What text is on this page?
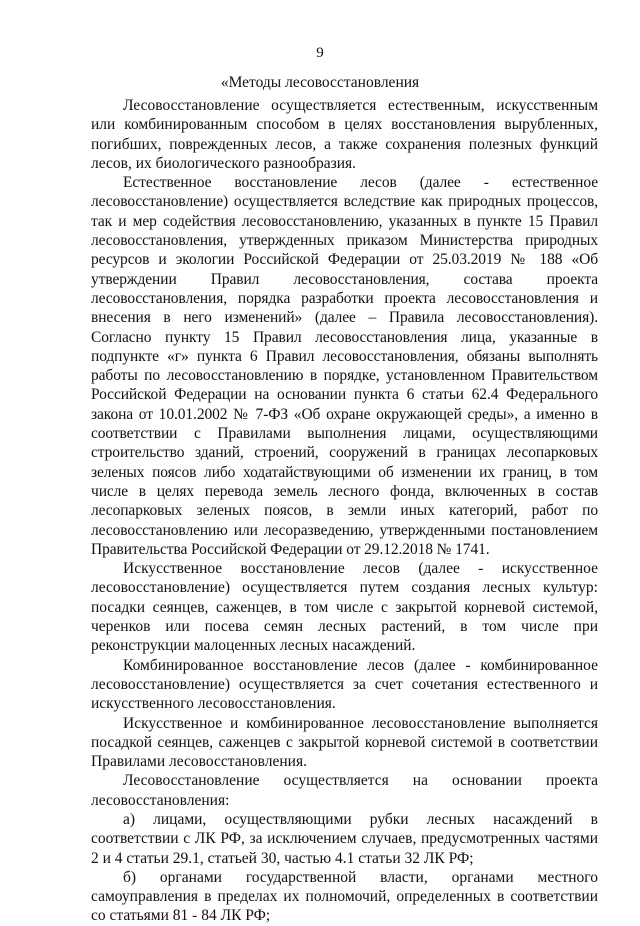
9
«Методы лесовосстановления

Лесовосстановление осуществляется естественным, искусственным или комбинированным способом в целях восстановления вырубленных, погибших, поврежденных лесов, а также сохранения полезных функций лесов, их биологического разнообразия.

Естественное восстановление лесов (далее - естественное лесовосстановление) осуществляется вследствие как природных процессов, так и мер содействия лесовосстановлению, указанных в пункте 15 Правил лесовосстановления, утвержденных приказом Министерства природных ресурсов и экологии Российской Федерации от 25.03.2019 № 188 «Об утверждении Правил лесовосстановления, состава проекта лесовосстановления, порядка разработки проекта лесовосстановления и внесения в него изменений» (далее – Правила лесовосстановления). Согласно пункту 15 Правил лесовосстановления лица, указанные в подпункте «г» пункта 6 Правил лесовосстановления, обязаны выполнять работы по лесовосстановлению в порядке, установленном Правительством Российской Федерации на основании пункта 6 статьи 62.4 Федерального закона от 10.01.2002 № 7-ФЗ «Об охране окружающей среды», а именно в соответствии с Правилами выполнения лицами, осуществляющими строительство зданий, строений, сооружений в границах лесопарковых зеленых поясов либо ходатайствующими об изменении их границ, в том числе в целях перевода земель лесного фонда, включенных в состав лесопарковых зеленых поясов, в земли иных категорий, работ по лесовосстановлению или лесоразведению, утвержденными постановлением Правительства Российской Федерации от 29.12.2018 № 1741.

Искусственное восстановление лесов (далее - искусственное лесовосстановление) осуществляется путем создания лесных культур: посадки сеянцев, саженцев, в том числе с закрытой корневой системой, черенков или посева семян лесных растений, в том числе при реконструкции малоценных лесных насаждений.

Комбинированное восстановление лесов (далее - комбинированное лесовосстановление) осуществляется за счет сочетания естественного и искусственного лесовосстановления.

Искусственное и комбинированное лесовосстановление выполняется посадкой сеянцев, саженцев с закрытой корневой системой в соответствии Правилами лесовосстановления.

Лесовосстановление осуществляется на основании проекта лесовосстановления:

а) лицами, осуществляющими рубки лесных насаждений в соответствии с ЛК РФ, за исключением случаев, предусмотренных частями 2 и 4 статьи 29.1, статьей 30, частью 4.1 статьи 32 ЛК РФ;

б) органами государственной власти, органами местного самоуправления в пределах их полномочий, определенных в соответствии со статьями 81 - 84 ЛК РФ;
